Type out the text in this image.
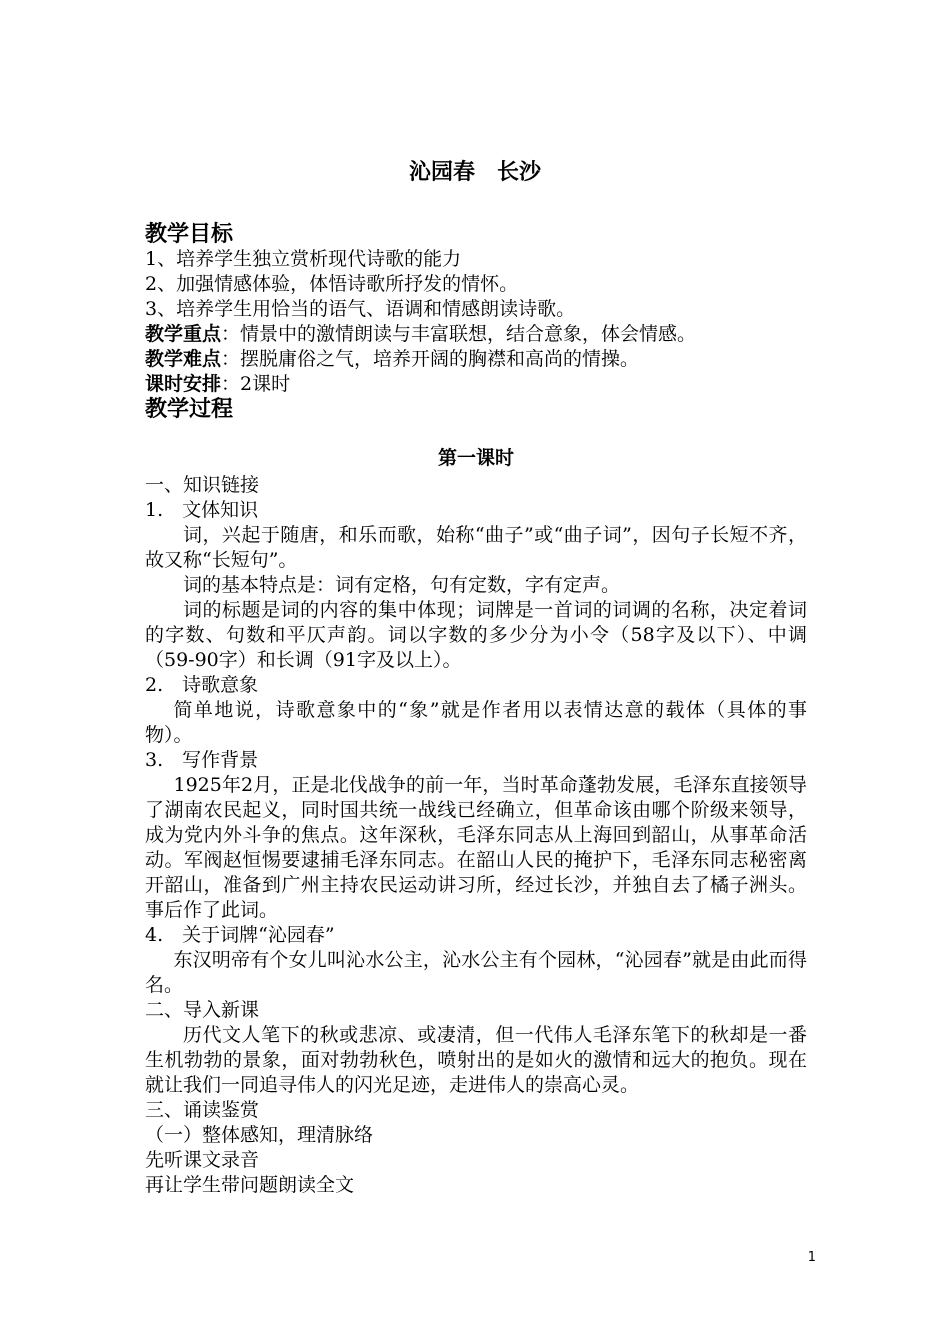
沁园春　长沙

教学目标

1、培养学生独立赏析现代诗歌的能力

2、加强情感体验，体悟诗歌所抒发的情怀。

3、培养学生用恰当的语气、语调和情感朗读诗歌。

教学重点：情景中的激情朗读与丰富联想，结合意象，体会情感。

教学难点：摆脱庸俗之气，培养开阔的胸襟和高尚的情操。

课时安排：2课时

教学过程

第一课时

一、知识链接

1.　文体知识

词，兴起于随唐，和乐而歌，始称“曲子”或“曲子词”，因句子长短不齐，故又称“长短句”。

词的基本特点是：词有定格，句有定数，字有定声。

词的标题是词的内容的集中体现；词牌是一首词的词调的名称，决定着词的字数、句数和平仄声韵。词以字数的多少分为小令（58字及以下）、中调（59-90字）和长调（91字及以上）。

2.　诗歌意象

简单地说，诗歌意象中的“象”就是作者用以表情达意的载体（具体的事物）。

3.　写作背景

1925年2月，正是北伐战争的前一年，当时革命蓬勃发展，毛泽东直接领导了湖南农民起义，同时国共统一战线已经确立，但革命该由哪个阶级来领导，成为党内外斗争的焦点。这年深秋，毛泽东同志从上海回到韶山，从事革命活动。军阀赵恒惕要逮捕毛泽东同志。在韶山人民的掩护下，毛泽东同志秘密离开韶山，准备到广州主持农民运动讲习所，经过长沙，并独自去了橘子洲头。事后作了此词。

4.　关于词牌“沁园春”

东汉明帝有个女儿叫沁水公主，沁水公主有个园林，“沁园春”就是由此而得名。

二、导入新课

历代文人笔下的秋或悲凉、或凄清，但一代伟人毛泽东笔下的秋却是一番生机勃勃的景象，面对勃勃秋色，喷射出的是如火的激情和远大的抱负。现在就让我们一同追寻伟人的闪光足迹，走进伟人的崇高心灵。

三、诵读鉴赏

（一）整体感知，理清脉络

先听课文录音

再让学生带问题朗读全文

1
